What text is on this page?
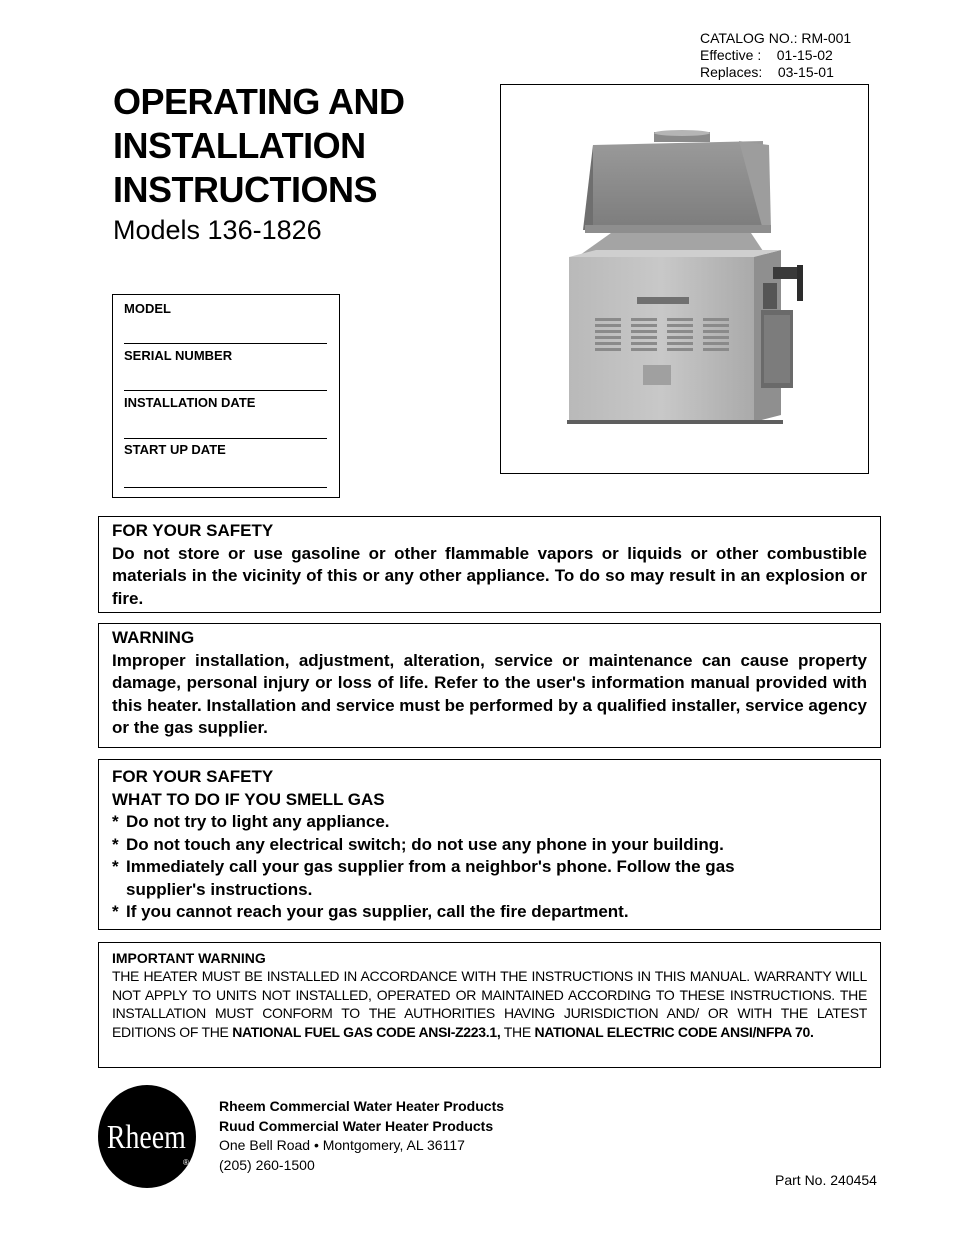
CATALOG NO.: RM-001
Effective :    01-15-02
Replaces:    03-15-01
OPERATING AND
INSTALLATION
INSTRUCTIONS
Models 136-1826
MODEL
SERIAL NUMBER
INSTALLATION DATE
START UP DATE
FOR YOUR SAFETY
Do not store or use gasoline or other flammable vapors or liquids or other combustible materials in the vicinity of this or any other appliance. To do so may result in an explosion or fire.
WARNING
Improper installation, adjustment, alteration, service or maintenance can cause property damage, personal injury or loss of life. Refer to the user's information manual provided with this heater. Installation and service must be performed by a qualified installer, service agency or the gas supplier.
FOR YOUR SAFETY
WHAT TO DO IF YOU SMELL GAS
* Do not try to light any appliance.
* Do not touch any electrical switch; do not use any phone in your building.
* Immediately call your gas supplier from a neighbor's phone. Follow the gas supplier's instructions.
* If you cannot reach your gas supplier, call the fire department.
IMPORTANT WARNING
THE HEATER MUST BE INSTALLED IN ACCORDANCE WITH THE INSTRUCTIONS IN THIS MANUAL. WARRANTY WILL NOT APPLY TO UNITS NOT INSTALLED, OPERATED OR MAINTAINED ACCORDING TO THESE INSTRUCTIONS. THE INSTALLATION MUST CONFORM TO THE AUTHORITIES HAVING JURISDICTION AND/ OR WITH THE LATEST EDITIONS OF THE NATIONAL FUEL GAS CODE ANSI-Z223.1, THE NATIONAL ELECTRIC CODE ANSI/NFPA 70.
Rheem
®
Rheem Commercial Water Heater Products
Ruud Commercial Water Heater Products
One Bell Road • Montgomery, AL 36117
(205) 260-1500
Part No. 240454
